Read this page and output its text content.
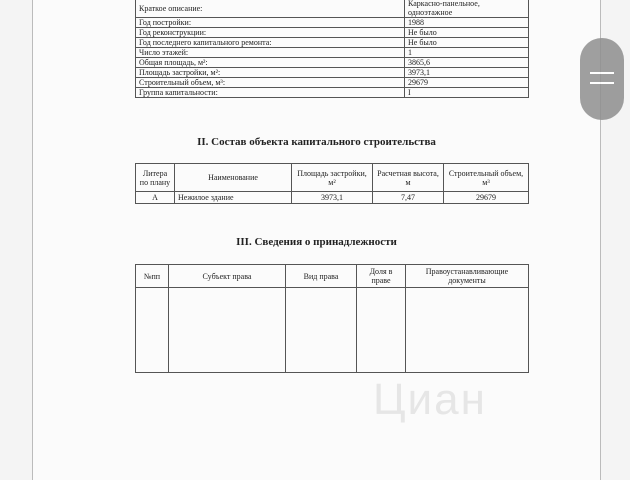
Краткое описание:	Каркасно-панельное, одноэтажное
Год постройки:	1988
Год реконструкции:	Не было
Год последнего капитального ремонта:	Не было
Число этажей:	1
Общая площадь, м²:	3865,6
Площадь застройки, м²:	3973,1
Строительный объем, м³:	29679
Группа капитальности:	I
II. Состав объекта капитального строительства
Литера по плану	Наименование	Площадь застройки, м²	Расчетная высота, м	Строительный объем, м³
А	Нежилое здание	3973,1	7,47	29679
III. Сведения о принадлежности
№пп	Субъект права	Вид права	Доля в праве	Правоустанавливающие документы

Циан
